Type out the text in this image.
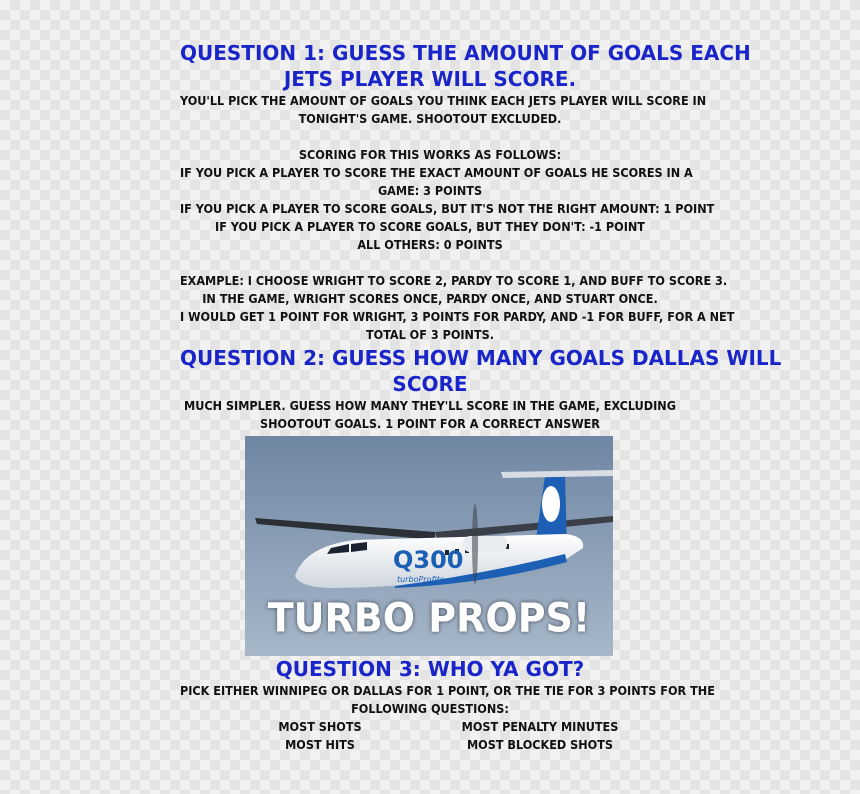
QUESTION 1: GUESS THE AMOUNT OF GOALS EACH
JETS PLAYER WILL SCORE.
YOU'LL PICK THE AMOUNT OF GOALS YOU THINK EACH JETS PLAYER WILL SCORE IN
TONIGHT'S GAME. SHOOTOUT EXCLUDED.
SCORING FOR THIS WORKS AS FOLLOWS:
IF YOU PICK A PLAYER TO SCORE THE EXACT AMOUNT OF GOALS HE SCORES IN A
GAME: 3 POINTS
IF YOU PICK A PLAYER TO SCORE GOALS, BUT IT'S NOT THE RIGHT AMOUNT: 1 POINT
IF YOU PICK A PLAYER TO SCORE GOALS, BUT THEY DON'T: -1 POINT
ALL OTHERS: 0 POINTS
EXAMPLE: I CHOOSE WRIGHT TO SCORE 2, PARDY TO SCORE 1, AND BUFF TO SCORE 3.
IN THE GAME, WRIGHT SCORES ONCE, PARDY ONCE, AND STUART ONCE.
I WOULD GET 1 POINT FOR WRIGHT, 3 POINTS FOR PARDY, AND -1 FOR BUFF, FOR A NET
TOTAL OF 3 POINTS.
QUESTION 2: GUESS HOW MANY GOALS DALLAS WILL
SCORE
MUCH SIMPLER. GUESS HOW MANY THEY'LL SCORE IN THE GAME, EXCLUDING
SHOOTOUT GOALS. 1 POINT FOR A CORRECT ANSWER
Q300
turboProfits
TURBO PROPS!
QUESTION 3: WHO YA GOT?
PICK EITHER WINNIPEG OR DALLAS FOR 1 POINT, OR THE TIE FOR 3 POINTS FOR THE
FOLLOWING QUESTIONS:
MOST SHOTS	MOST PENALTY MINUTES
MOST HITS	MOST BLOCKED SHOTS
